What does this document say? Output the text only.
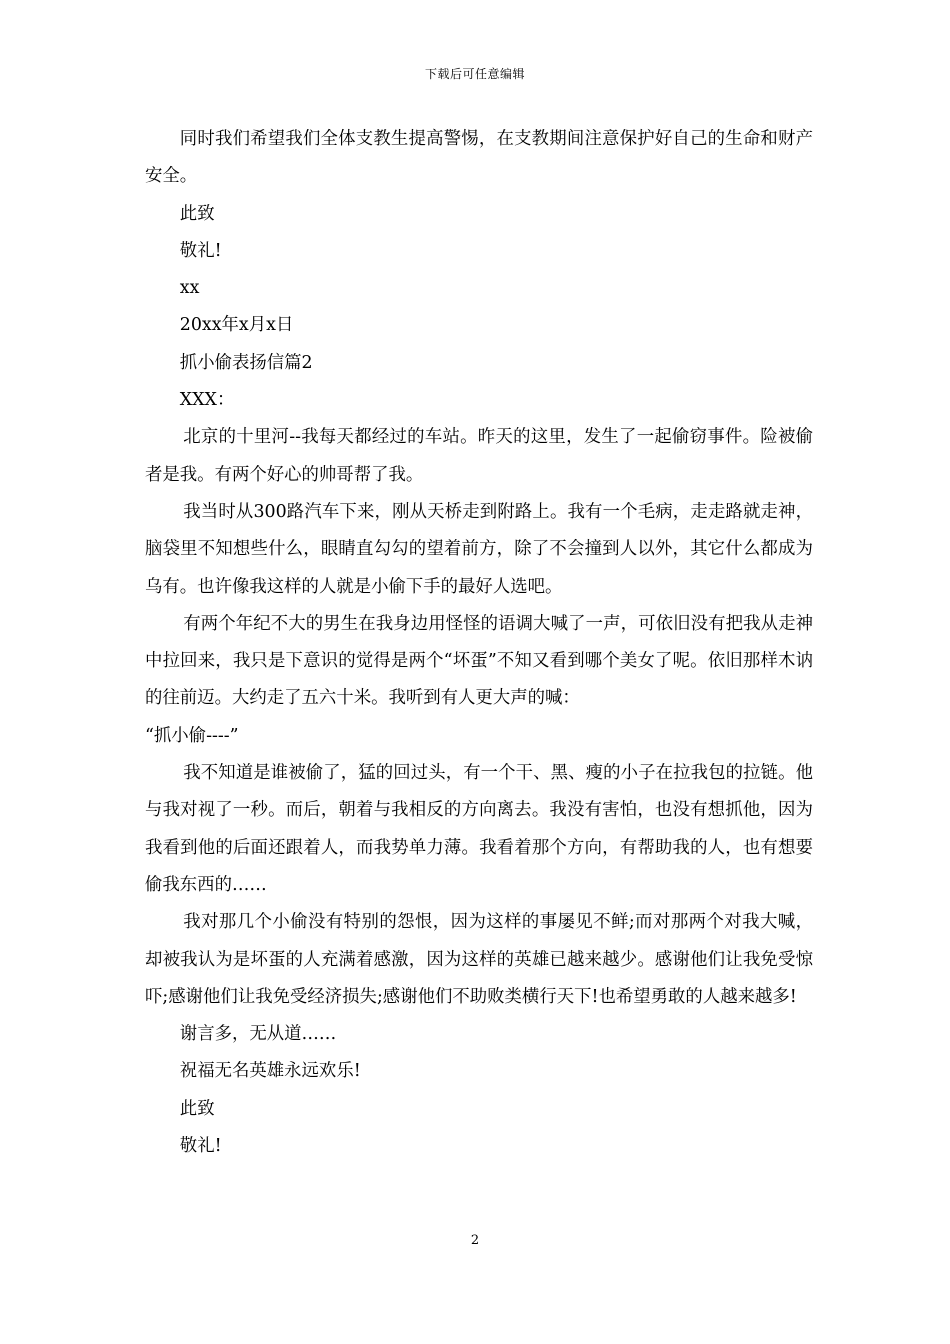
下载后可任意编辑

同时我们希望我们全体支教生提高警惕，在支教期间注意保护好自己的生命和财产安全。

此致

敬礼!

xx

20xx年x月x日

抓小偷表扬信篇2

XXX：

北京的十里河--我每天都经过的车站。昨天的这里，发生了一起偷窃事件。险被偷者是我。有两个好心的帅哥帮了我。

我当时从300路汽车下来，刚从天桥走到附路上。我有一个毛病，走走路就走神，脑袋里不知想些什么，眼睛直勾勾的望着前方，除了不会撞到人以外，其它什么都成为乌有。也许像我这样的人就是小偷下手的最好人选吧。

有两个年纪不大的男生在我身边用怪怪的语调大喊了一声，可依旧没有把我从走神中拉回来，我只是下意识的觉得是两个“坏蛋”不知又看到哪个美女了呢。依旧那样木讷的往前迈。大约走了五六十米。我听到有人更大声的喊：

“抓小偷----”

我不知道是谁被偷了，猛的回过头，有一个干、黑、瘦的小子在拉我包的拉链。他与我对视了一秒。而后，朝着与我相反的方向离去。我没有害怕，也没有想抓他，因为我看到他的后面还跟着人，而我势单力薄。我看着那个方向，有帮助我的人，也有想要偷我东西的……

我对那几个小偷没有特别的怨恨，因为这样的事屡见不鲜;而对那两个对我大喊，却被我认为是坏蛋的人充满着感激，因为这样的英雄已越来越少。感谢他们让我免受惊吓;感谢他们让我免受经济损失;感谢他们不助败类横行天下!也希望勇敢的人越来越多!

谢言多，无从道……

祝福无名英雄永远欢乐!

此致

敬礼!

2
